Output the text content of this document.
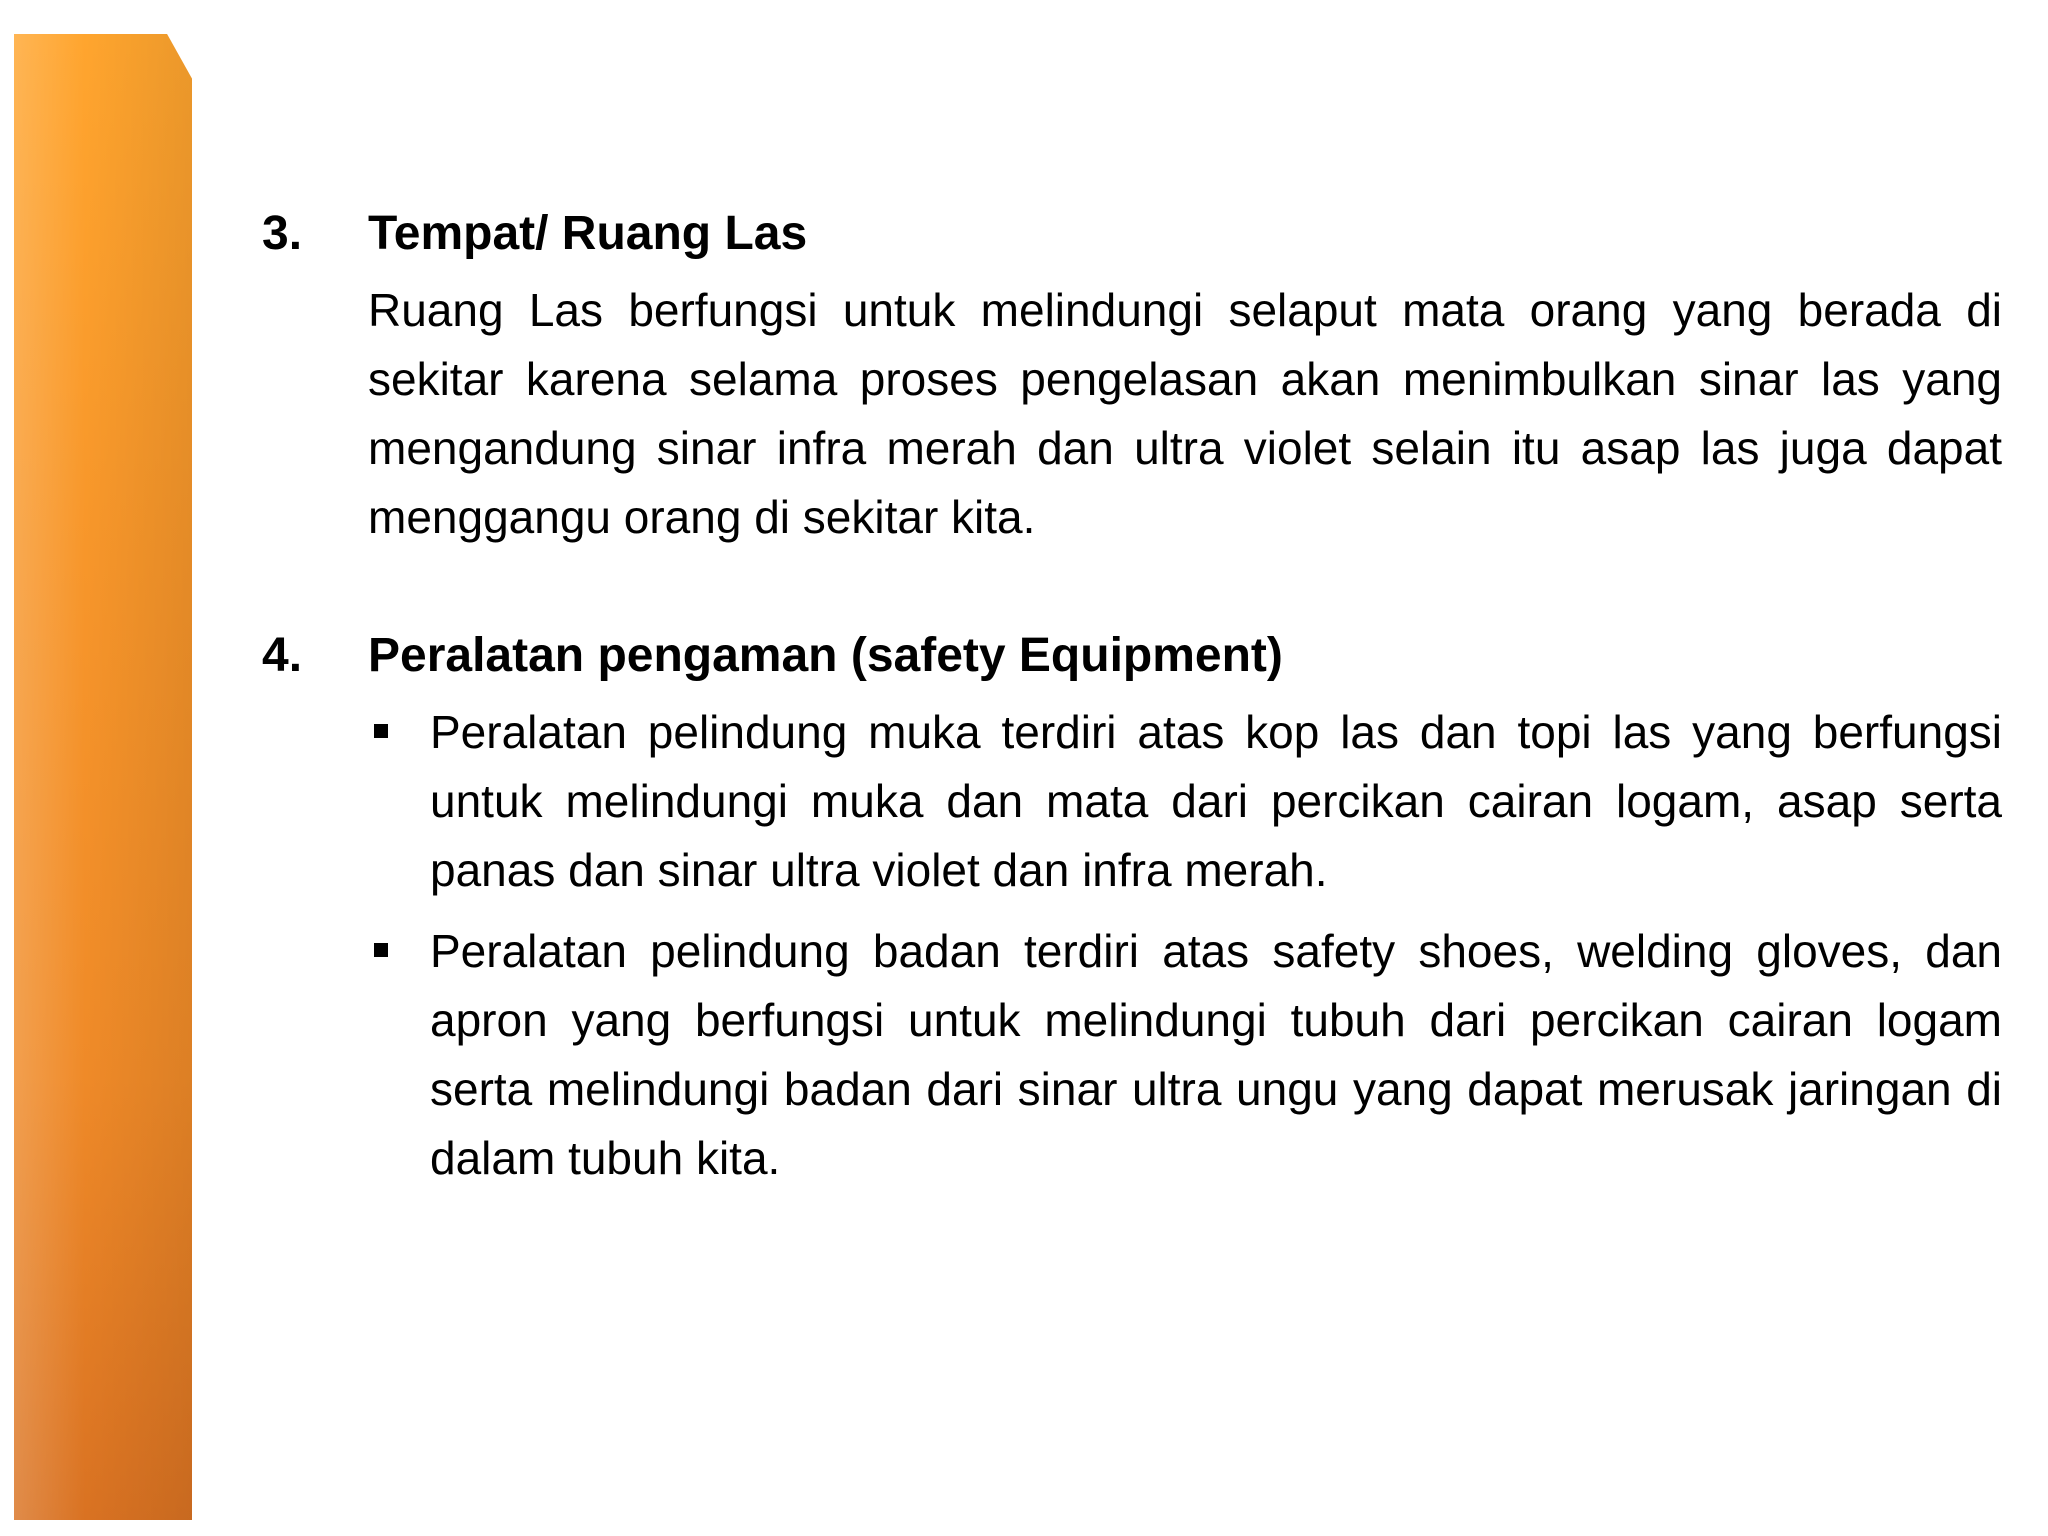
3.	Tempat/ Ruang Las
Ruang Las berfungsi untuk melindungi selaput mata orang yang berada di sekitar karena selama proses pengelasan akan menimbulkan sinar las yang mengandung sinar infra merah dan ultra violet selain itu asap las juga dapat menggangu orang di sekitar kita.
4.	Peralatan pengaman (safety Equipment)
Peralatan pelindung muka terdiri atas kop las dan topi las yang berfungsi untuk melindungi muka dan mata dari percikan cairan logam, asap serta panas dan sinar ultra violet dan infra merah.
Peralatan pelindung badan terdiri atas safety shoes, welding gloves, dan apron yang berfungsi untuk melindungi tubuh dari percikan cairan logam serta melindungi badan dari sinar ultra ungu yang dapat merusak jaringan di dalam tubuh kita.
